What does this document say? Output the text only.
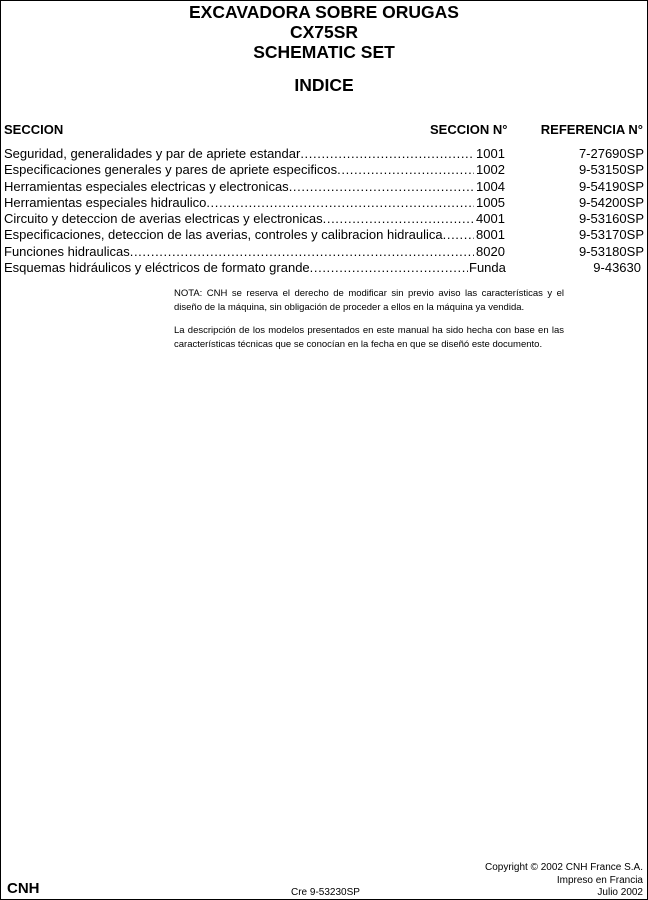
EXCAVADORA SOBRE ORUGAS
CX75SR
SCHEMATIC SET
INDICE
SECCION	SECCION N°	REFERENCIA N°
Seguridad, generalidades y par de apriete estandar . . .	1001	7-27690SP
Especificaciones generales y pares de apriete especificos . . .	1002	9-53150SP
Herramientas especiales electricas y electronicas . . .	1004	9-54190SP
Herramientas especiales hidraulico . . .	1005	9-54200SP
Circuito y deteccion de averias electricas y electronicas . . .	4001	9-53160SP
Especificaciones, deteccion de las averias, controles y calibracion hidraulica . . .	8001	9-53170SP
Funciones hidraulicas . . .	8020	9-53180SP
Esquemas hidráulicos y eléctricos de formato grande . . .	Funda	9-43630

NOTA: CNH se reserva el derecho de modificar sin previo aviso las características y el diseño de la máquina, sin obligación de proceder a ellos en la máquina ya vendida.

La descripción de los modelos presentados en este manual ha sido hecha con base en las características técnicas que se conocían en la fecha en que se diseñó este documento.

Copyright © 2002 CNH France S.A.
Impreso en Francia
Julio 2002
CNH	Cre 9-53230SP
